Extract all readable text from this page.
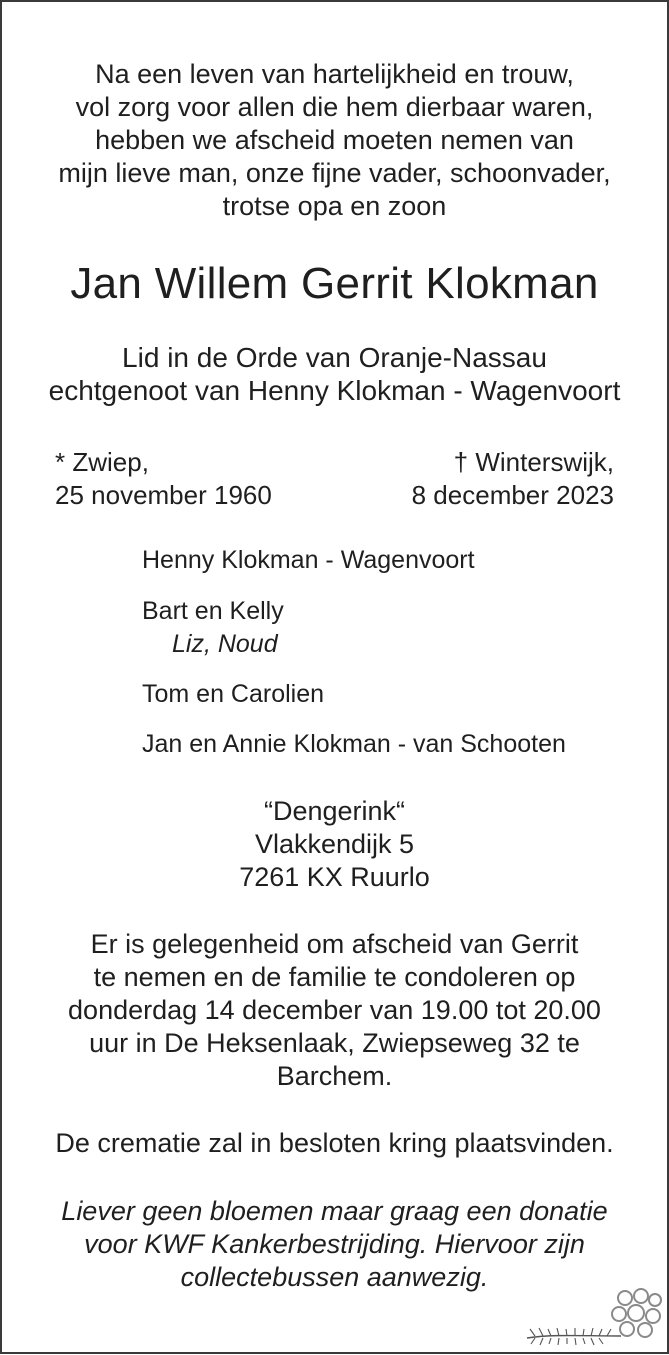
Na een leven van hartelijkheid en trouw,
vol zorg voor allen die hem dierbaar waren,
hebben we afscheid moeten nemen van
mijn lieve man, onze fijne vader, schoonvader,
trotse opa en zoon
Jan Willem Gerrit Klokman
Lid in de Orde van Oranje-Nassau
echtgenoot van Henny Klokman - Wagenvoort
* Zwiep,
25 november 1960
† Winterswijk,
8 december 2023
Henny Klokman - Wagenvoort
Bart en Kelly
Liz, Noud
Tom en Carolien
Jan en Annie Klokman - van Schooten
“Dengerink“
Vlakkendijk 5
7261 KX Ruurlo
Er is gelegenheid om afscheid van Gerrit
te nemen en de familie te condoleren op
donderdag 14 december van 19.00 tot 20.00
uur in De Heksenlaak, Zwiepseweg 32 te
Barchem.
De crematie zal in besloten kring plaatsvinden.
Liever geen bloemen maar graag een donatie
voor KWF Kankerbestrijding. Hiervoor zijn
collectebussen aanwezig.
